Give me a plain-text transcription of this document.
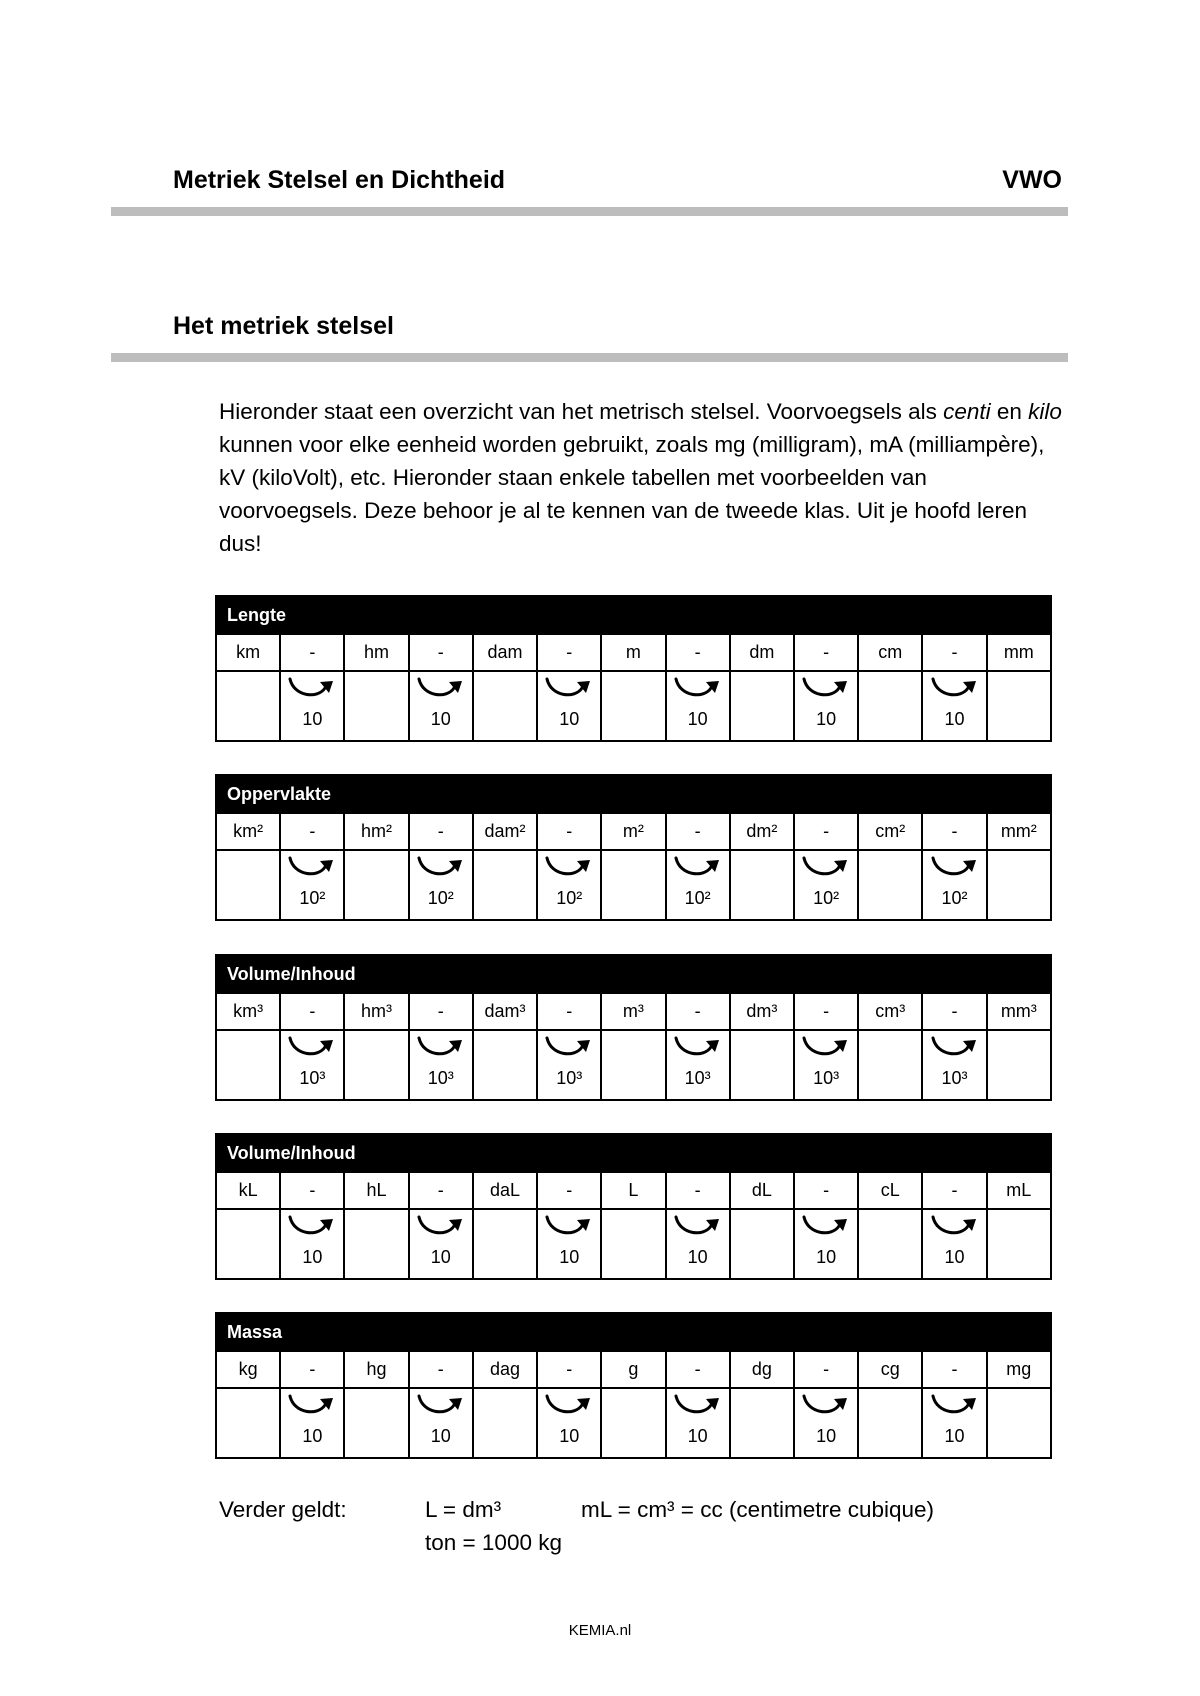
Metriek Stelsel en Dichtheid	VWO
Het metriek stelsel

Hieronder staat een overzicht van het metrisch stelsel. Voorvoegsels als centi en kilo kunnen voor elke eenheid worden gebruikt, zoals mg (milligram), mA (milliampère), kV (kiloVolt), etc. Hieronder staan enkele tabellen met voorbeelden van voorvoegsels. Deze behoor je al te kennen van de tweede klas. Uit je hoofd leren dus!

Lengte												
km	-	hm	-	dam	-	m	-	dm	-	cm	-	mm

	10		10		10		10		10		10	

Oppervlakte												
km²	-	hm²	-	dam²	-	m²	-	dm²	-	cm²	-	mm²

	10²		10²		10²		10²		10²		10²	

Volume/Inhoud												
km³	-	hm³	-	dam³	-	m³	-	dm³	-	cm³	-	mm³

	10³		10³		10³		10³		10³		10³	

Volume/Inhoud												
kL	-	hL	-	daL	-	L	-	dL	-	cL	-	mL

	10		10		10		10		10		10	

Massa												
kg	-	hg	-	dag	-	g	-	dg	-	cg	-	mg

	10		10		10		10		10		10	

Verder geldt:	L = dm³	mL = cm³ = cc (centimetre cubique)
ton = 1000 kg
KEMIA.nl
